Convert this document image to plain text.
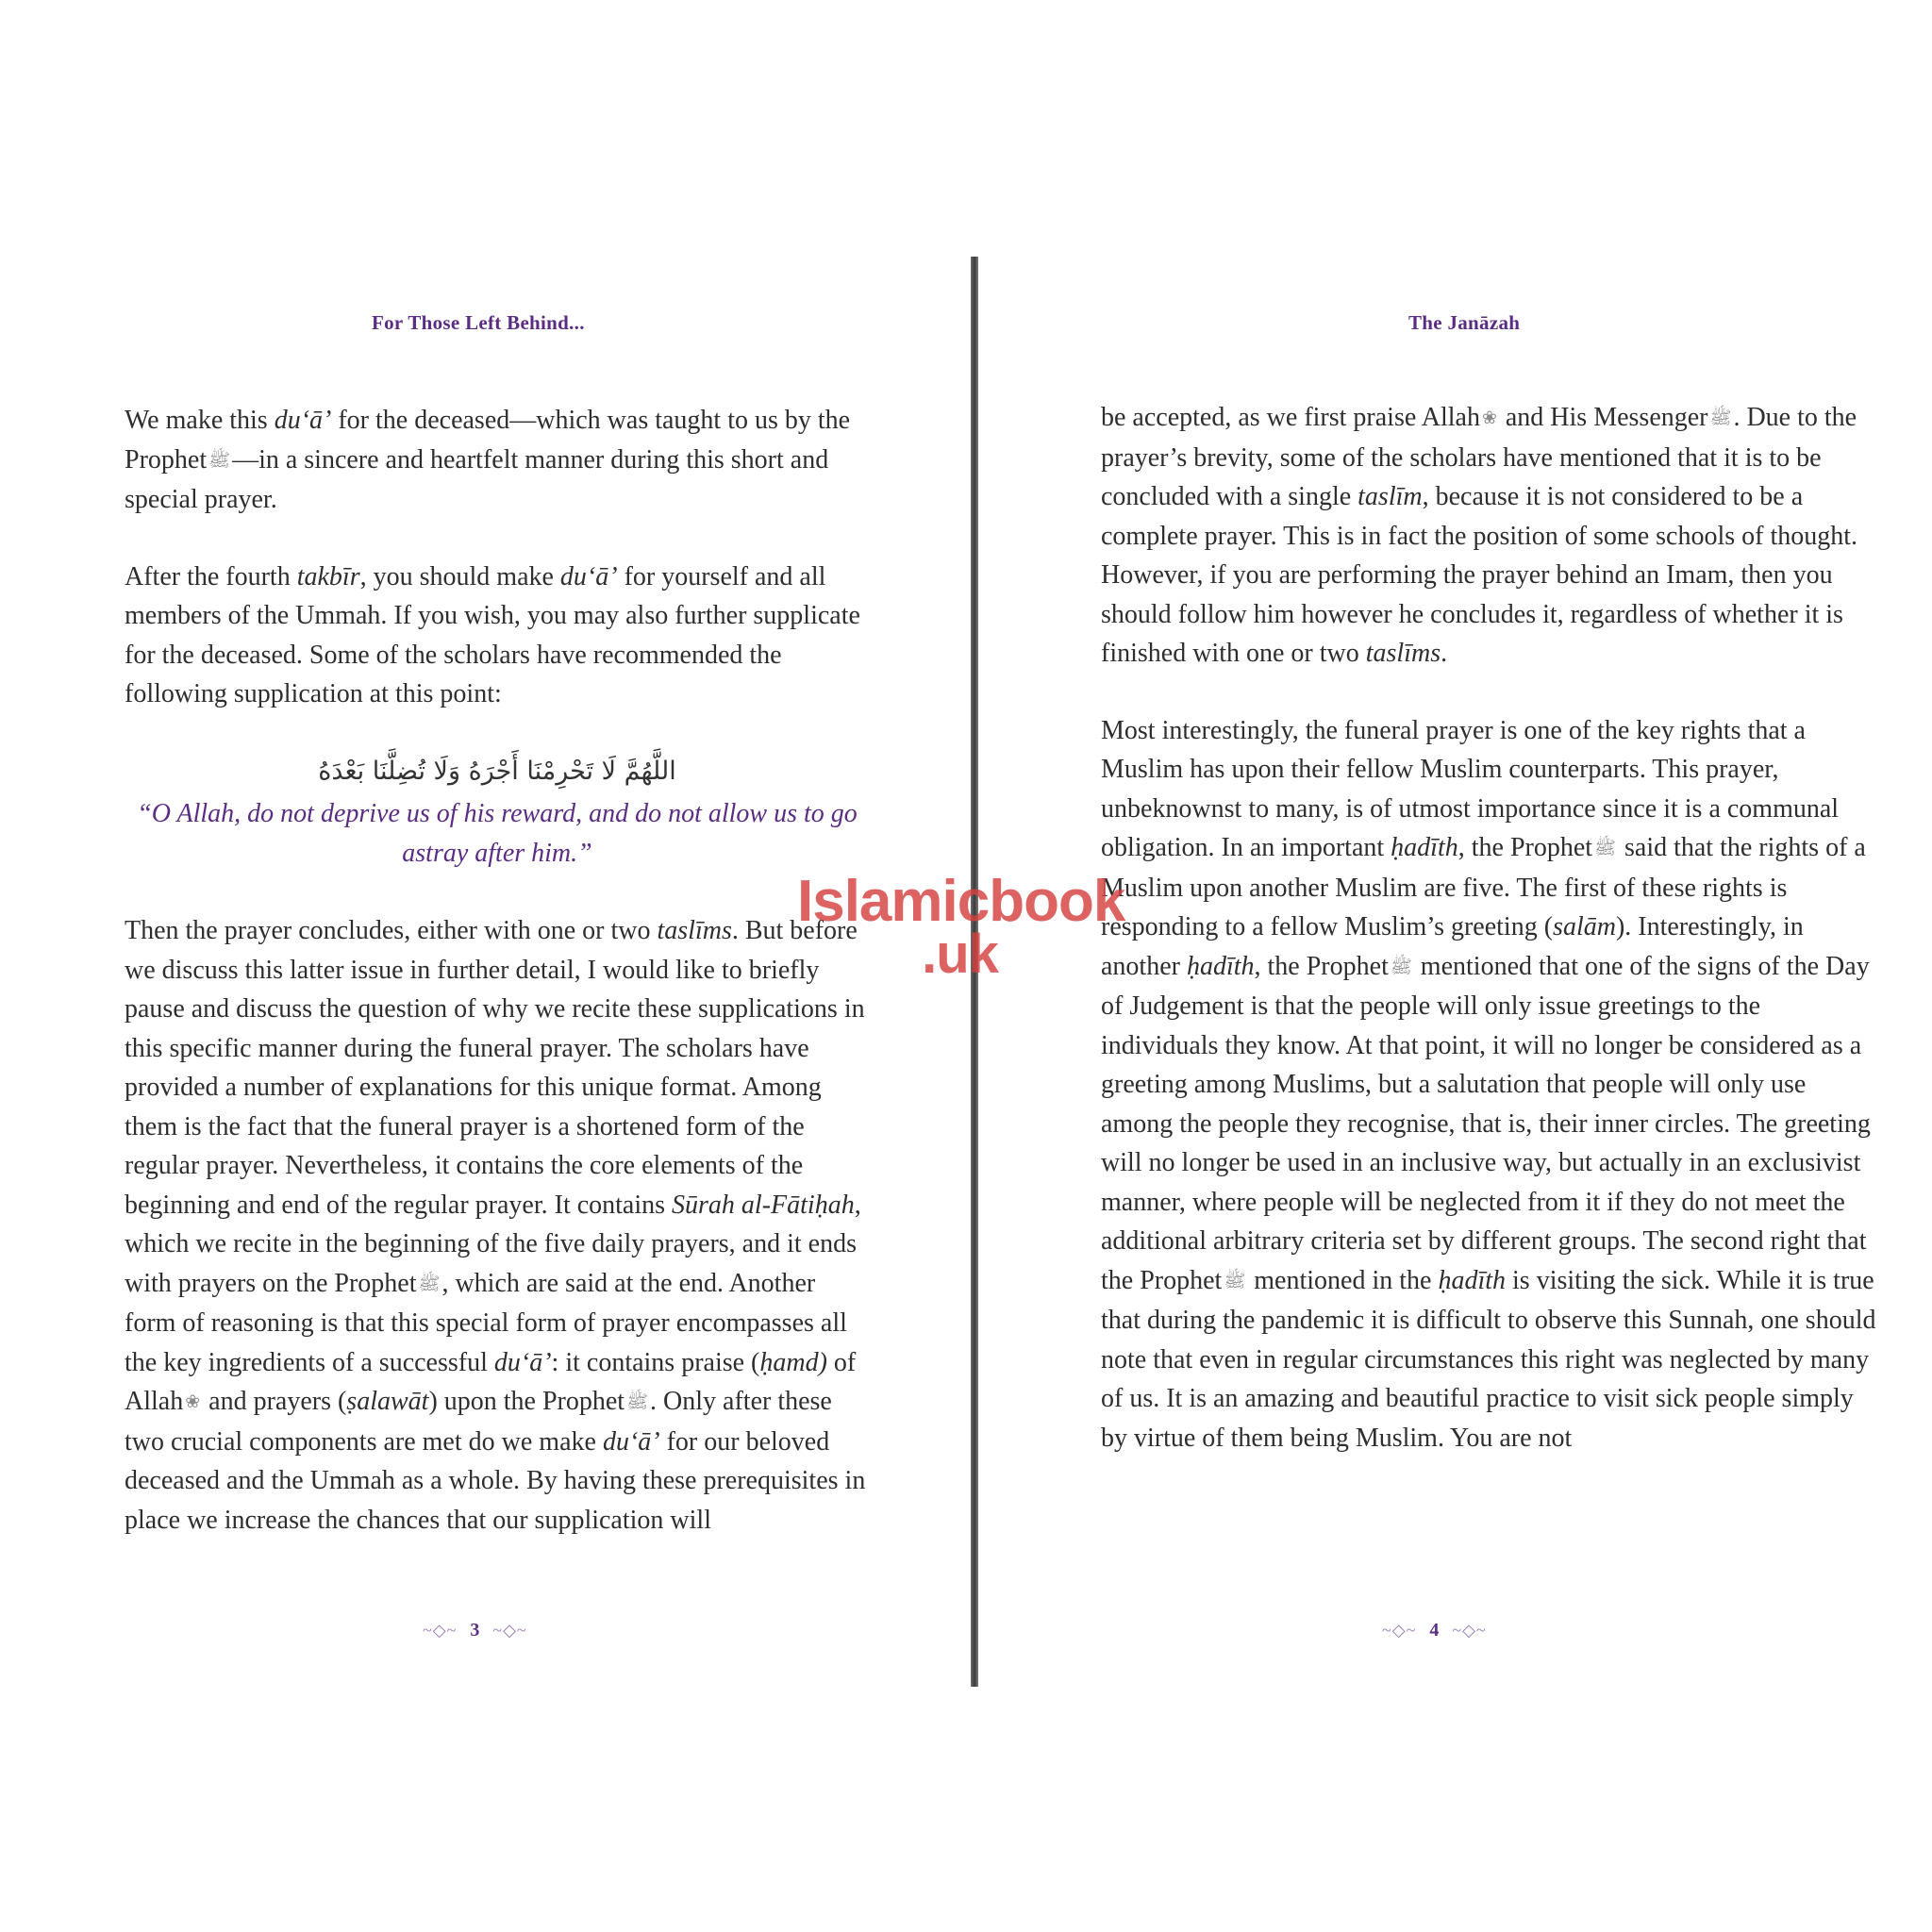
For Those Left Behind...

We make this du‘ā’ for the deceased—which was taught to us by the Prophet ﷺ—in a sincere and heartfelt manner during this short and special prayer.

After the fourth takbīr, you should make du‘ā’ for yourself and all members of the Ummah. If you wish, you may also further supplicate for the deceased. Some of the scholars have recommended the following supplication at this point:

اللَّهُمَّ لَا تَحْرِمْنَا أَجْرَهُ وَلَا تُضِلَّنَا بَعْدَهُ
“O Allah, do not deprive us of his reward, and do not allow us to go astray after him.”

Then the prayer concludes, either with one or two taslīms. But before we discuss this latter issue in further detail, I would like to briefly pause and discuss the question of why we recite these supplications in this specific manner during the funeral prayer. The scholars have provided a number of explanations for this unique format. Among them is the fact that the funeral prayer is a shortened form of the regular prayer. Nevertheless, it contains the core elements of the beginning and end of the regular prayer. It contains Sūrah al-Fātiḥah, which we recite in the beginning of the five daily prayers, and it ends with prayers on the Prophet ﷺ, which are said at the end. Another form of reasoning is that this special form of prayer encompasses all the key ingredients of a successful du‘ā’: it contains praise (ḥamd) of Allah ❀ and prayers (ṣalawāt) upon the Prophet ﷺ. Only after these two crucial components are met do we make du‘ā’ for our beloved deceased and the Ummah as a whole. By having these prerequisites in place we increase the chances that our supplication will

~◇~ 3 ~◇~
The Janāzah

be accepted, as we first praise Allah ❀ and His Messenger ﷺ. Due to the prayer’s brevity, some of the scholars have mentioned that it is to be concluded with a single taslīm, because it is not considered to be a complete prayer. This is in fact the position of some schools of thought. However, if you are performing the prayer behind an Imam, then you should follow him however he concludes it, regardless of whether it is finished with one or two taslīms.

Most interestingly, the funeral prayer is one of the key rights that a Muslim has upon their fellow Muslim counterparts. This prayer, unbeknownst to many, is of utmost importance since it is a communal obligation. In an important ḥadīth, the Prophet ﷺ said that the rights of a Muslim upon another Muslim are five. The first of these rights is responding to a fellow Muslim’s greeting (salām). Interestingly, in another ḥadīth, the Prophet ﷺ mentioned that one of the signs of the Day of Judgement is that the people will only issue greetings to the individuals they know. At that point, it will no longer be considered as a greeting among Muslims, but a salutation that people will only use among the people they recognise, that is, their inner circles. The greeting will no longer be used in an inclusive way, but actually in an exclusivist manner, where people will be neglected from it if they do not meet the additional arbitrary criteria set by different groups. The second right that the Prophet ﷺ mentioned in the ḥadīth is visiting the sick. While it is true that during the pandemic it is difficult to observe this Sunnah, one should note that even in regular circumstances this right was neglected by many of us. It is an amazing and beautiful practice to visit sick people simply by virtue of them being Muslim. You are not

~◇~ 4 ~◇~
Islamicbook
.uk
